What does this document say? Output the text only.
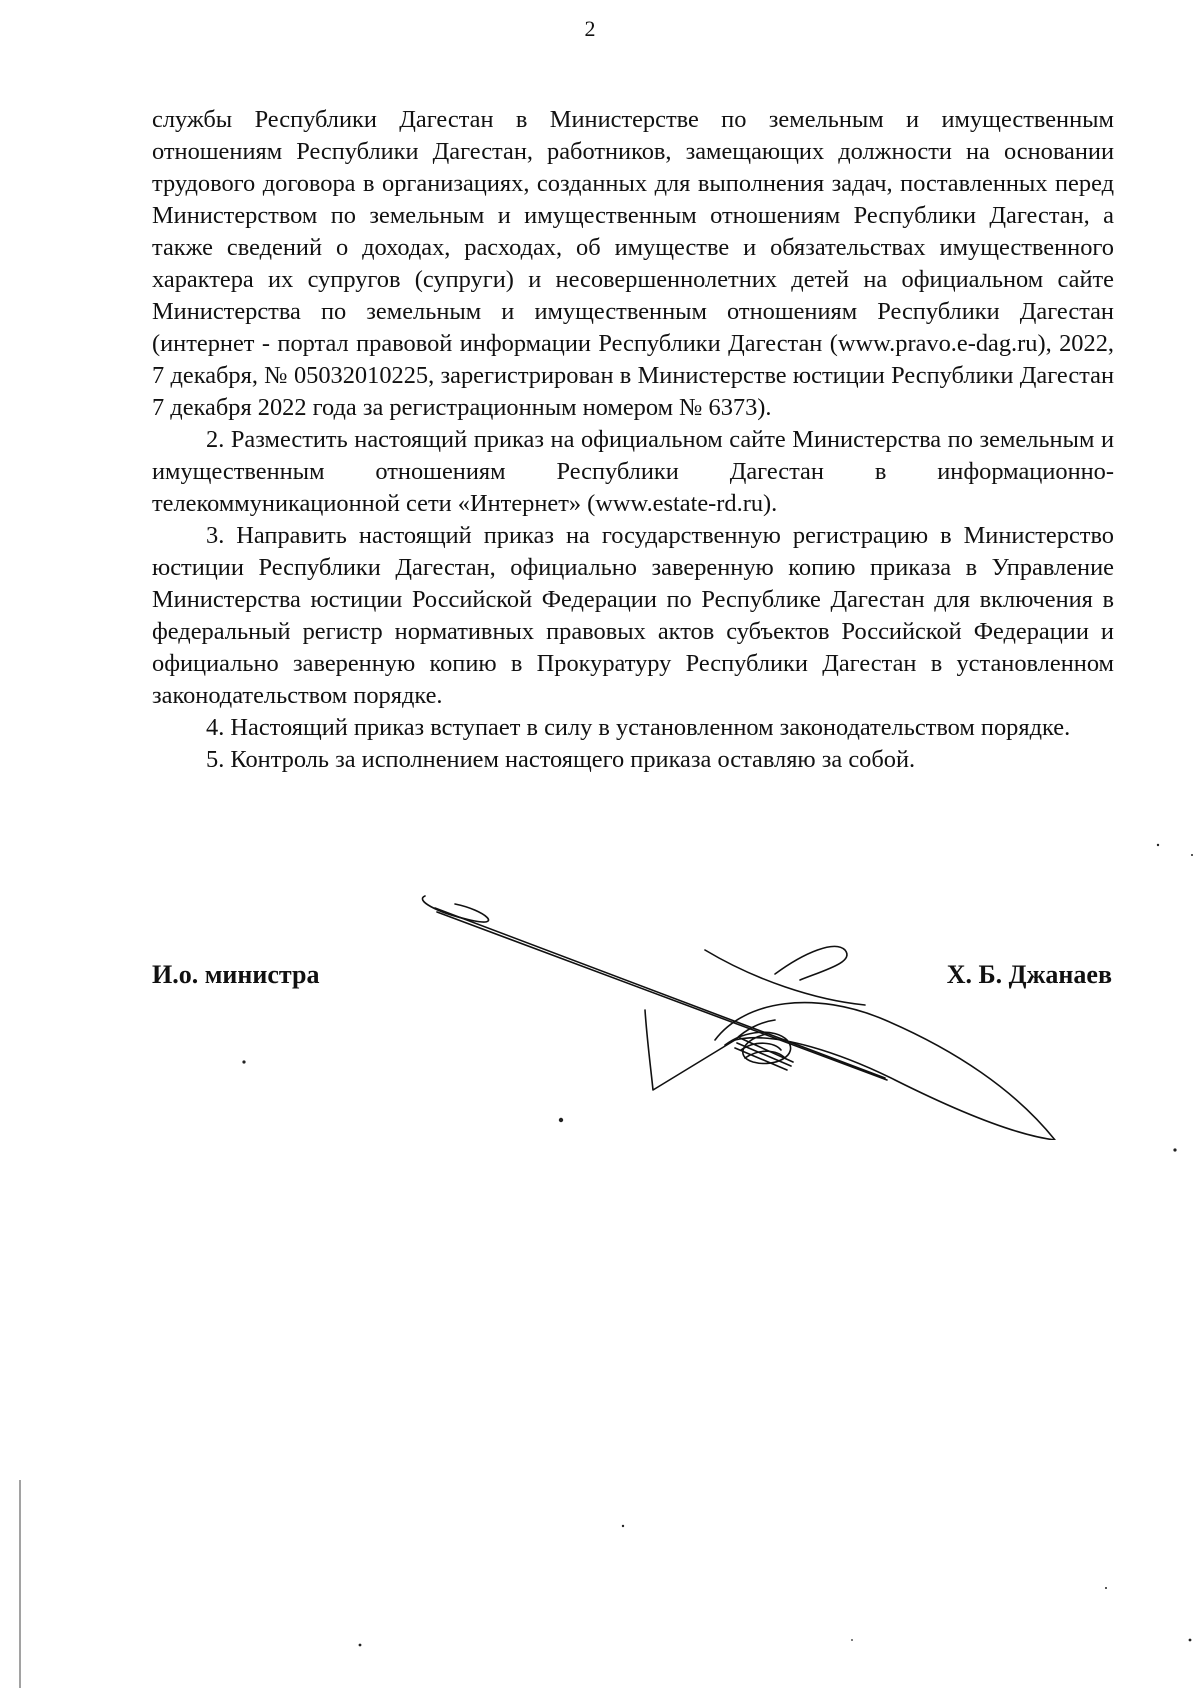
2

службы Республики Дагестан в Министерстве по земельным и имущественным отношениям Республики Дагестан, работников, замещающих должности на основании трудового договора в организациях, созданных для выполнения задач, поставленных перед Министерством по земельным и имущественным отношениям Республики Дагестан, а также сведений о доходах, расходах, об имуществе и обязательствах имущественного характера их супругов (супруги) и несовершеннолетних детей на официальном сайте Министерства по земельным и имущественным отношениям Республики Дагестан (интернет - портал правовой информации Республики Дагестан (www.pravo.e-dag.ru), 2022, 7 декабря, № 05032010225, зарегистрирован в Министерстве юстиции Республики Дагестан 7 декабря 2022 года за регистрационным номером № 6373).

2. Разместить настоящий приказ на официальном сайте Министерства по земельным и имущественным отношениям Республики Дагестан в информационно-телекоммуникационной сети «Интернет» (www.estate-rd.ru).

3. Направить настоящий приказ на государственную регистрацию в Министерство юстиции Республики Дагестан, официально заверенную копию приказа в Управление Министерства юстиции Российской Федерации по Республике Дагестан для включения в федеральный регистр нормативных правовых актов субъектов Российской Федерации и официально заверенную копию в Прокуратуру Республики Дагестан в установленном законодательством порядке.

4. Настоящий приказ вступает в силу в установленном законодательством порядке.

5. Контроль за исполнением настоящего приказа оставляю за собой.

И.о. министра	Х. Б. Джанаев
